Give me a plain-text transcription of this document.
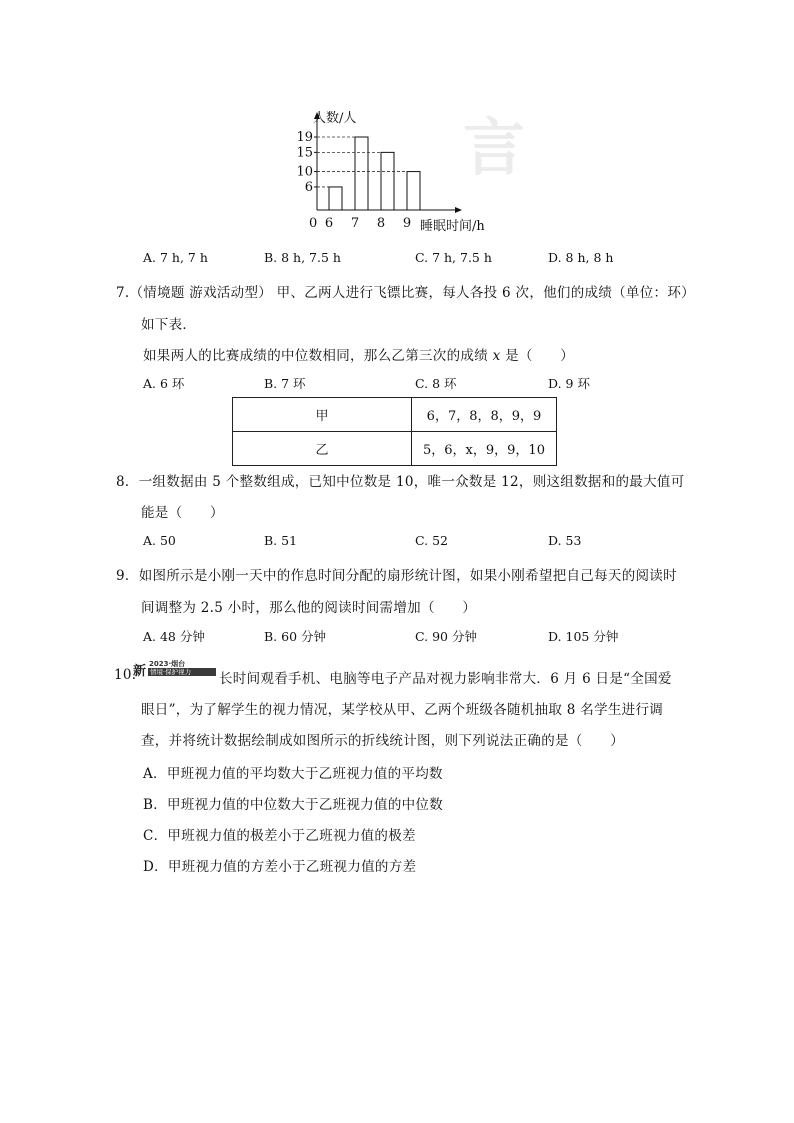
言
人数/人
睡眠时间/h
0
6
10
15
19
6 7 8 9
A. 7 h, 7 h	B. 8 h, 7.5 h	C. 7 h, 7.5 h	D. 8 h, 8 h
7.（情境题 游戏活动型） 甲、乙两人进行飞镖比赛，每人各投 6 次，他们的成绩（单位：环）
如下表．
如果两人的比赛成绩的中位数相同，那么乙第三次的成绩 x 是（　　）
A. 6 环	B. 7 环	C. 8 环	D. 9 环
甲	6，7，8，8，9，9
乙	5，6，x，9，9，10
8．一组数据由 5 个整数组成，已知中位数是 10，唯一众数是 12，则这组数据和的最大值可
能是（　　）
A. 50	B. 51	C. 52	D. 53
9．如图所示是小刚一天中的作息时间分配的扇形统计图，如果小刚希望把自己每天的阅读时
间调整为 2.5 小时，那么他的阅读时间需增加（　　）
A. 48 分钟	B. 60 分钟	C. 90 分钟	D. 105 分钟
10.
新 2023·烟台
情境·保护视力	长时间观看手机、电脑等电子产品对视力影响非常大．6 月 6 日是“全国爱
眼日”，为了解学生的视力情况，某学校从甲、乙两个班级各随机抽取 8 名学生进行调
查，并将统计数据绘制成如图所示的折线统计图，则下列说法正确的是（　　）
A．甲班视力值的平均数大于乙班视力值的平均数
B．甲班视力值的中位数大于乙班视力值的中位数
C．甲班视力值的极差小于乙班视力值的极差
D．甲班视力值的方差小于乙班视力值的方差
